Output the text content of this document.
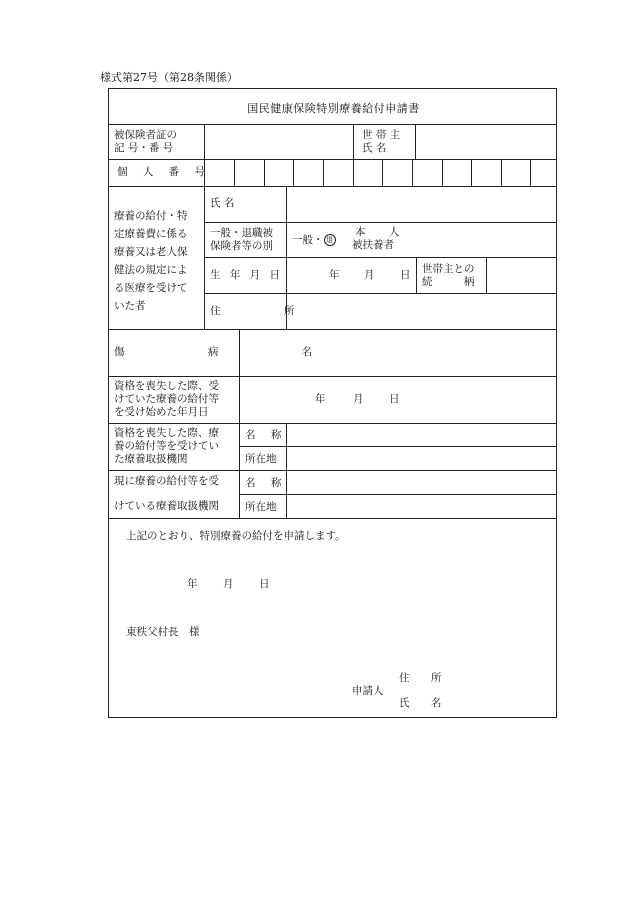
様式第27号（第28条関係）
国民健康保険特別療養給付申請書
被保険者証の
記 号・番 号
世 帯 主
氏 名
個 人 番 号
療養の給付・特
定療養費に係る
療養又は老人保
健法の規定によ
る医療を受けて
いた者
氏 名
一般・退職被
保険者等の別 一般・ 退
本 人
被扶養者
生 年 月 日	年 月 日 世帯主との
続 柄
住 所
傷 病 名
資格を喪失した際、受
けていた療養の給付等
を受け始めた年月日
年	月 日
資格を喪失した際、療
養の給付等を受けてい
た療養取扱機関
名 称
所在地
現に療養の給付等を受
けている療養取扱機関
名 称
所在地
上記のとおり、特別療養の給付を申請します。
年 月 日
東秩父村長　様
申請人
住 所
氏 名
